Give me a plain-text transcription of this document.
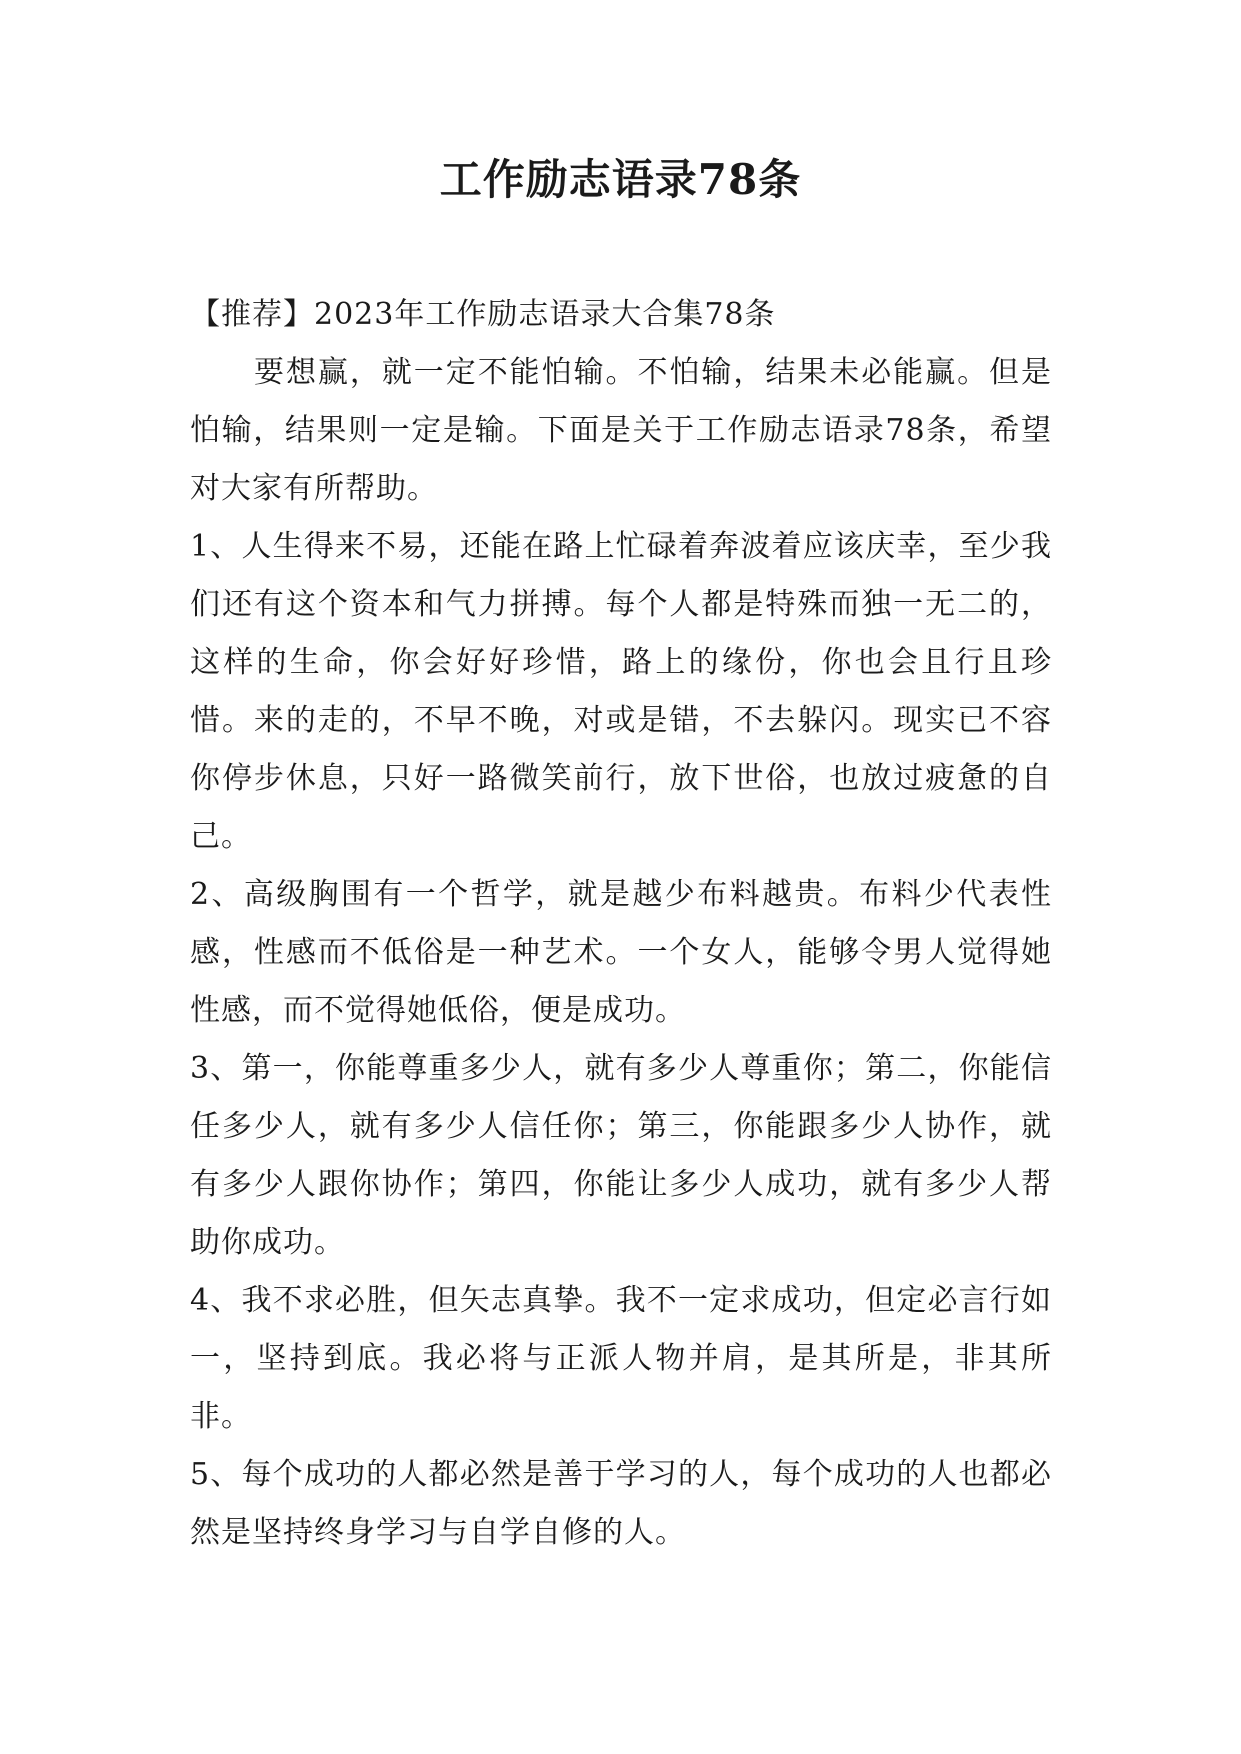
工作励志语录78条

【推荐】2023年工作励志语录大合集78条

要想赢，就一定不能怕输。不怕输，结果未必能赢。但是怕输，结果则一定是输。下面是关于工作励志语录78条，希望对大家有所帮助。

1、人生得来不易，还能在路上忙碌着奔波着应该庆幸，至少我们还有这个资本和气力拼搏。每个人都是特殊而独一无二的，这样的生命，你会好好珍惜，路上的缘份，你也会且行且珍惜。来的走的，不早不晚，对或是错，不去躲闪。现实已不容你停步休息，只好一路微笑前行，放下世俗，也放过疲惫的自己。

2、高级胸围有一个哲学，就是越少布料越贵。布料少代表性感，性感而不低俗是一种艺术。一个女人，能够令男人觉得她性感，而不觉得她低俗，便是成功。

3、第一，你能尊重多少人，就有多少人尊重你；第二，你能信任多少人，就有多少人信任你；第三，你能跟多少人协作，就有多少人跟你协作；第四，你能让多少人成功，就有多少人帮助你成功。

4、我不求必胜，但矢志真挚。我不一定求成功，但定必言行如一，坚持到底。我必将与正派人物并肩，是其所是，非其所非。

5、每个成功的人都必然是善于学习的人，每个成功的人也都必然是坚持终身学习与自学自修的人。
